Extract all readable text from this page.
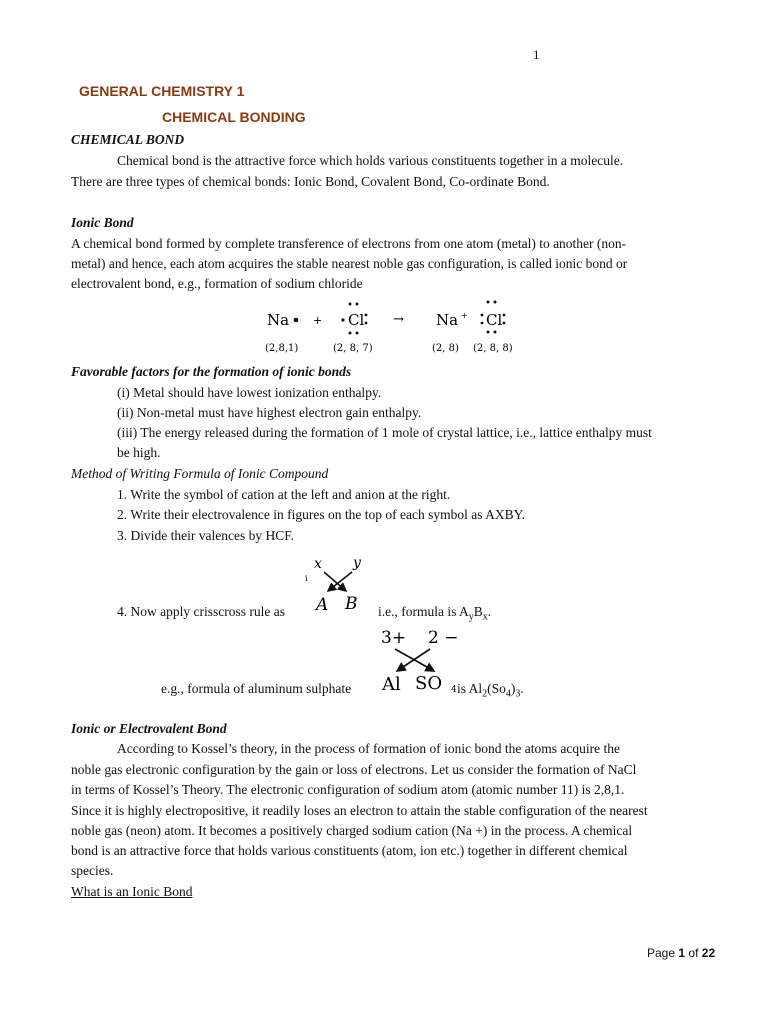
1
GENERAL CHEMISTRY 1
CHEMICAL BONDING
CHEMICAL BOND
Chemical bond is the attractive force which holds various constituents together in a molecule.
There are three types of chemical bonds: Ionic Bond, Covalent Bond, Co-ordinate Bond.
Ionic Bond
A chemical bond formed by complete transference of electrons from one atom (metal) to another (non-
metal) and hence, each atom acquires the stable nearest noble gas configuration, is called ionic bond or
electrovalent bond, e.g., formation of sodium chloride
Na + Cl → Na + Cl
(2,8,1)	(2, 8, 7)	(2, 8) (2, 8, 8)
Favorable factors for the formation of ionic bonds
(i) Metal should have lowest ionization enthalpy.
(ii) Non-metal must have highest electron gain enthalpy.
(iii) The energy released during the formation of 1 mole of crystal lattice, i.e., lattice enthalpy must
be high.
Method of Writing Formula of Ionic Compound
1. Write the symbol of cation at the left and anion at the right.
2. Write their electrovalence in figures on the top of each symbol as AXBY.
3. Divide their valences by HCF.
i
x y
A B
4. Now apply crisscross rule as	i.e., formula is $A_yB_x$.
3+ 2 −
Al SO 4
e.g., formula of aluminum sulphate	is $Al_2(So_4)_3$.
Ionic or Electrovalent Bond
According to Kossel’s theory, in the process of formation of ionic bond the atoms acquire the
noble gas electronic configuration by the gain or loss of electrons. Let us consider the formation of NaCl
in terms of Kossel’s Theory. The electronic configuration of sodium atom (atomic number 11) is 2,8,1.
Since it is highly electropositive, it readily loses an electron to attain the stable configuration of the nearest
noble gas (neon) atom. It becomes a positively charged sodium cation (Na +) in the process. A chemical
bond is an attractive force that holds various constituents (atom, ion etc.) together in different chemical
species.
What is an Ionic Bond
Page 1 of 22
